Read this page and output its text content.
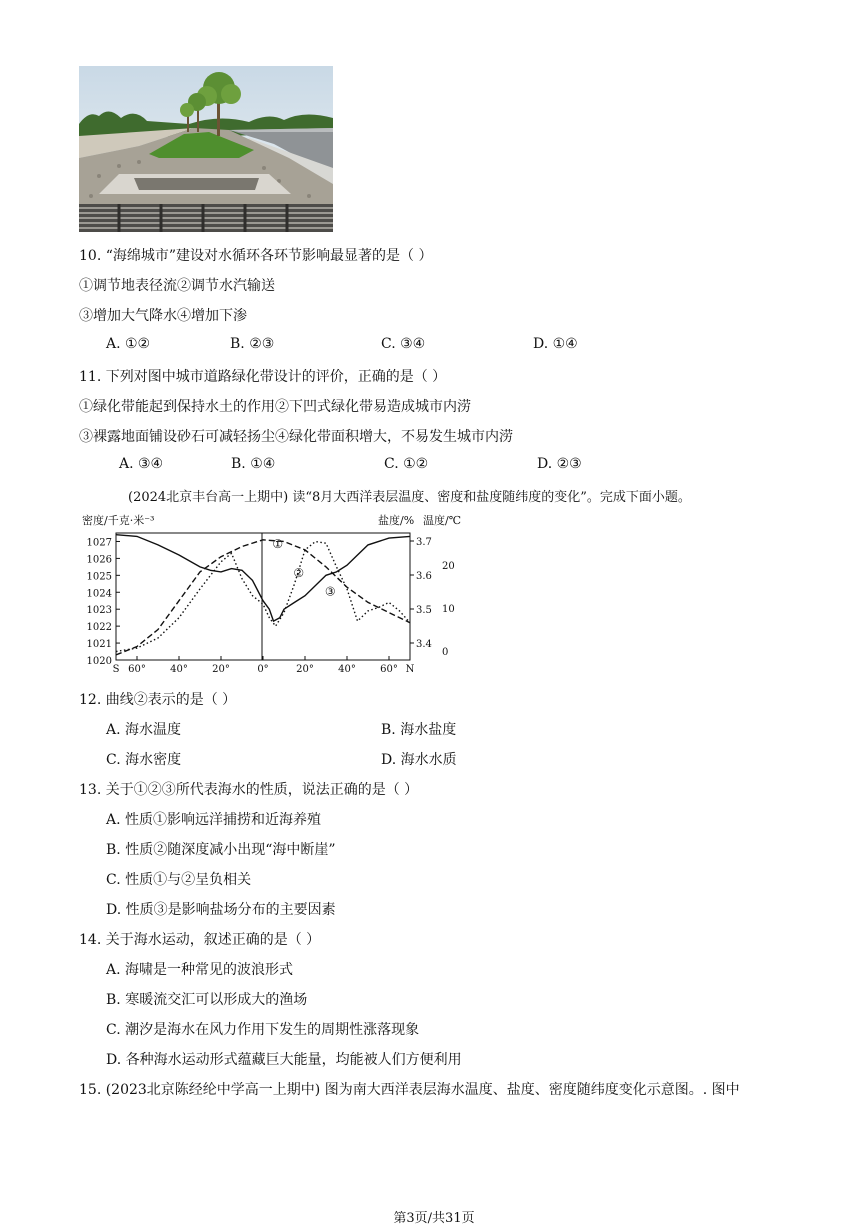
10. “海绵城市”建设对水循环各环节影响最显著的是（ ）
①调节地表径流②调节水汽输送
③增加大气降水④增加下渗
A. ①②	B. ②③	C. ③④	D. ①④
11. 下列对图中城市道路绿化带设计的评价，正确的是（ ）
①绿化带能起到保持水土的作用②下凹式绿化带易造成城市内涝
③裸露地面铺设砂石可减轻扬尘④绿化带面积增大，不易发生城市内涝
A. ③④	B. ①④	C. ①②	D. ②③
(2024北京丰台高一上期中) 读“8月大西洋表层温度、密度和盐度随纬度的变化”。完成下面小题。
密度/千克·米⁻³	盐度/% 温度/℃
1027
1026
1025
1024
1023
1022
1021
1020
3.7
3.6
3.5
3.4
20
10
0
S 60° 40° 20°	0°	20° 40° 60° N
①
②
③
12. 曲线②表示的是（ ）
A. 海水温度	B. 海水盐度
C. 海水密度	D. 海水水质
13. 关于①②③所代表海水的性质，说法正确的是（ ）
A. 性质①影响远洋捕捞和近海养殖
B. 性质②随深度减小出现“海中断崖”
C. 性质①与②呈负相关
D. 性质③是影响盐场分布的主要因素
14. 关于海水运动，叙述正确的是（ ）
A. 海啸是一种常见的波浪形式
B. 寒暖流交汇可以形成大的渔场
C. 潮汐是海水在风力作用下发生的周期性涨落现象
D. 各种海水运动形式蕴藏巨大能量，均能被人们方便利用
15. (2023北京陈经纶中学高一上期中) 图为南大西洋表层海水温度、盐度、密度随纬度变化示意图。. 图中
第3页/共31页
